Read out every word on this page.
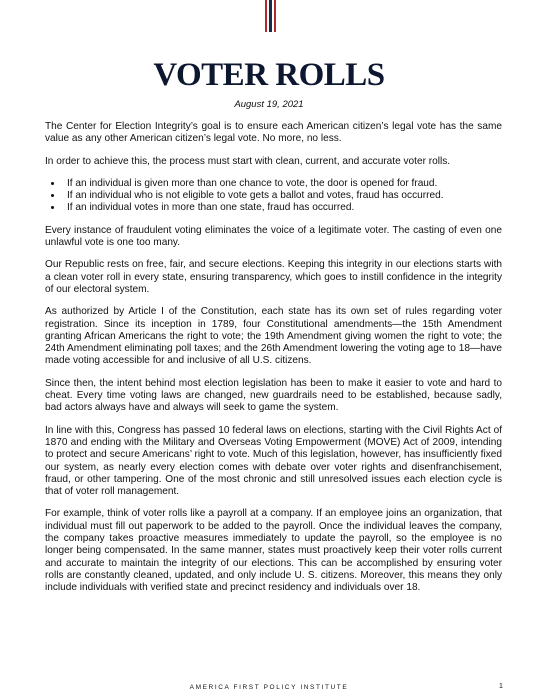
VOTER ROLLS
August 19, 2021

The Center for Election Integrity’s goal is to ensure each American citizen’s legal vote has the same value as any other American citizen’s legal vote. No more, no less.

In order to achieve this, the process must start with clean, current, and accurate voter rolls.

• If an individual is given more than one chance to vote, the door is opened for fraud.
• If an individual who is not eligible to vote gets a ballot and votes, fraud has occurred.
• If an individual votes in more than one state, fraud has occurred.

Every instance of fraudulent voting eliminates the voice of a legitimate voter. The casting of even one unlawful vote is one too many.

Our Republic rests on free, fair, and secure elections. Keeping this integrity in our elections starts with a clean voter roll in every state, ensuring transparency, which goes to instill confidence in the integrity of our electoral system.

As authorized by Article I of the Constitution, each state has its own set of rules regarding voter registration. Since its inception in 1789, four Constitutional amendments—the 15th Amendment granting African Americans the right to vote; the 19th Amendment giving women the right to vote; the 24th Amendment eliminating poll taxes; and the 26th Amendment lowering the voting age to 18—have made voting accessible for and inclusive of all U.S. citizens.

Since then, the intent behind most election legislation has been to make it easier to vote and hard to cheat. Every time voting laws are changed, new guardrails need to be established, because sadly, bad actors always have and always will seek to game the system.

In line with this, Congress has passed 10 federal laws on elections, starting with the Civil Rights Act of 1870 and ending with the Military and Overseas Voting Empowerment (MOVE) Act of 2009, intending to protect and secure Americans’ right to vote. Much of this legislation, however, has insufficiently fixed our system, as nearly every election comes with debate over voter rights and disenfranchisement, fraud, or other tampering. One of the most chronic and still unresolved issues each election cycle is that of voter roll management.

For example, think of voter rolls like a payroll at a company. If an employee joins an organization, that individual must fill out paperwork to be added to the payroll. Once the individual leaves the company, the company takes proactive measures immediately to update the payroll, so the employee is no longer being compensated. In the same manner, states must proactively keep their voter rolls current and accurate to maintain the integrity of our elections. This can be accomplished by ensuring voter rolls are constantly cleaned, updated, and only include U. S. citizens. Moreover, this means they only include individuals with verified state and precinct residency and individuals over 18.

AMERICA FIRST POLICY INSTITUTE	1
